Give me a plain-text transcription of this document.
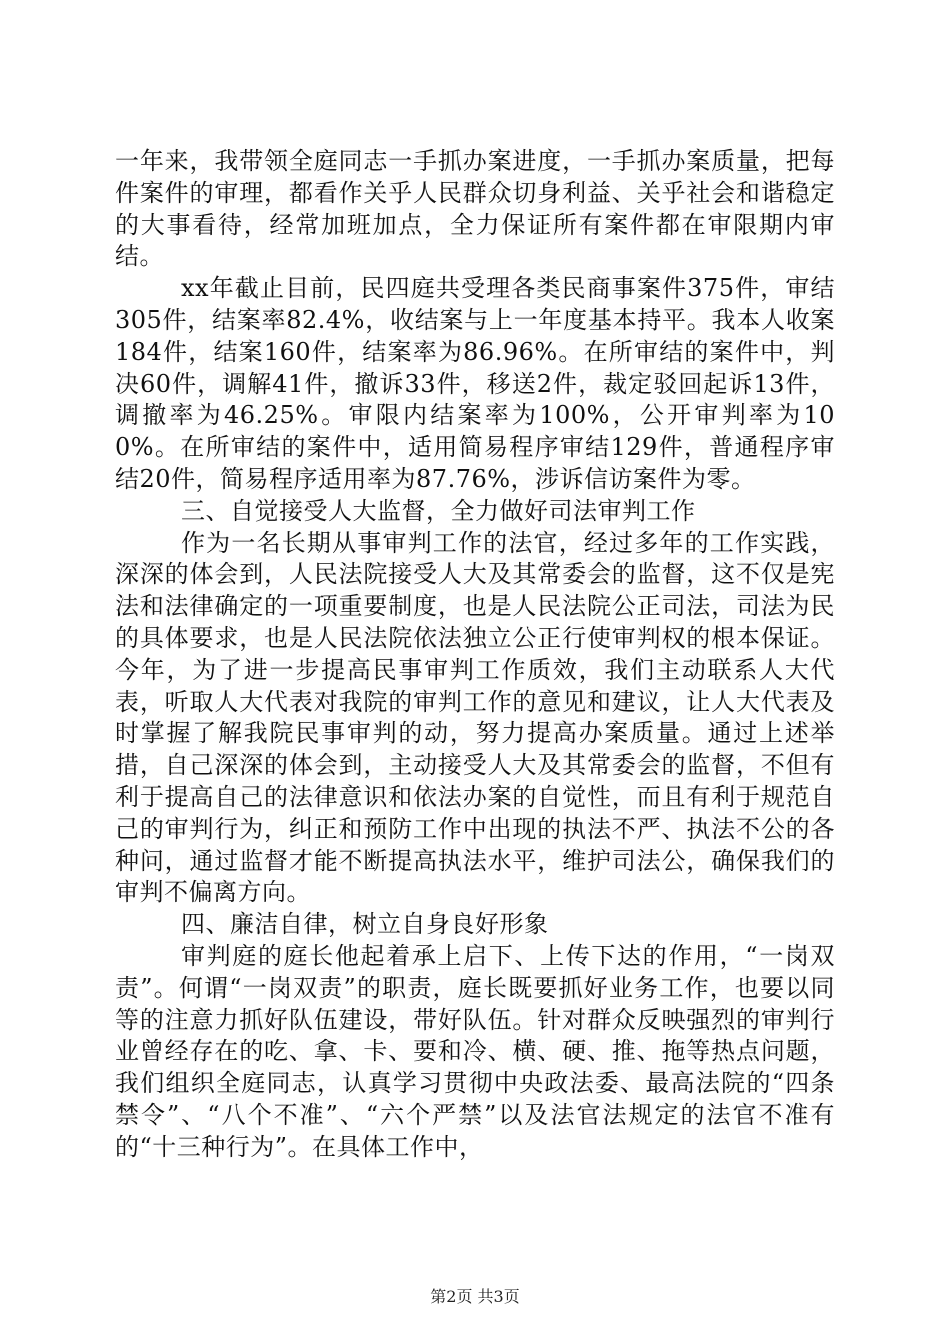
一年来，我带领全庭同志一手抓办案进度，一手抓办案质量，把每件案件的审理，都看作关乎人民群众切身利益、关乎社会和谐稳定的大事看待，经常加班加点，全力保证所有案件都在审限期内审结。

xx年截止目前，民四庭共受理各类民商事案件375件，审结305件，结案率82.4%，收结案与上一年度基本持平。我本人收案184件，结案160件，结案率为86.96%。在所审结的案件中，判决60件，调解41件，撤诉33件，移送2件，裁定驳回起诉13件，调撤率为46.25%。审限内结案率为100%，公开审判率为100%。在所审结的案件中，适用简易程序审结129件，普通程序审结20件，简易程序适用率为87.76%，涉诉信访案件为零。

三、自觉接受人大监督，全力做好司法审判工作

作为一名长期从事审判工作的法官，经过多年的工作实践，深深的体会到，人民法院接受人大及其常委会的监督，这不仅是宪法和法律确定的一项重要制度，也是人民法院公正司法，司法为民的具体要求，也是人民法院依法独立公正行使审判权的根本保证。今年，为了进一步提高民事审判工作质效，我们主动联系人大代表，听取人大代表对我院的审判工作的意见和建议，让人大代表及时掌握了解我院民事审判的动，努力提高办案质量。通过上述举措，自己深深的体会到，主动接受人大及其常委会的监督，不但有利于提高自己的法律意识和依法办案的自觉性，而且有利于规范自己的审判行为，纠正和预防工作中出现的执法不严、执法不公的各种问，通过监督才能不断提高执法水平，维护司法公，确保我们的审判不偏离方向。

四、廉洁自律，树立自身良好形象

审判庭的庭长他起着承上启下、上传下达的作用，“一岗双责”。何谓“一岗双责”的职责，庭长既要抓好业务工作，也要以同等的注意力抓好队伍建设，带好队伍。针对群众反映强烈的审判行业曾经存在的吃、拿、卡、要和冷、横、硬、推、拖等热点问题，我们组织全庭同志，认真学习贯彻中央政法委、最高法院的“四条禁令”、“八个不准”、“六个严禁”以及法官法规定的法官不准有的“十三种行为”。在具体工作中，

第2页 共3页
